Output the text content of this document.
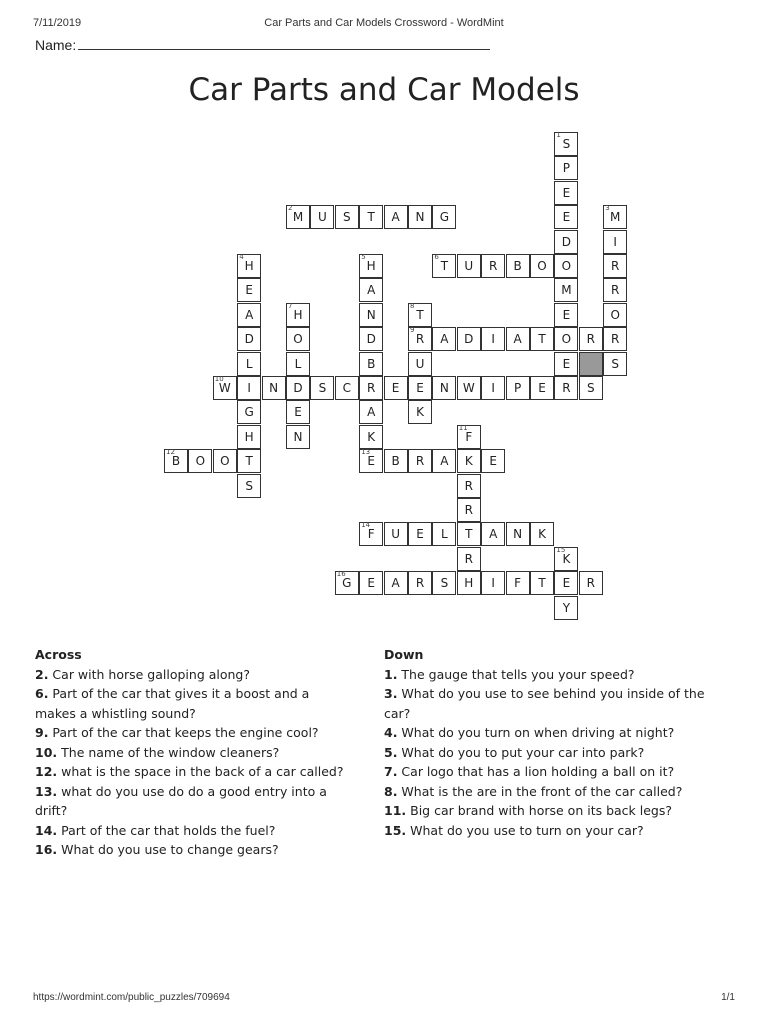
7/11/2019	Car Parts and Car Models Crossword - WordMint
Name:
Car Parts and Car Models
S
1
P
E
E
D
O
M
E
O
E
R
M
2
U S T A N G	M
3
I
R
R
O
R
S
H
4
E
A
D
L
I
G
H
T
S
H
5
A
N
D
B
R
A
K
E
13
T
6
U R B O
H
7
O
L
D
E
N
T
8
R
9
U
E
K
A D I A T	R
W
10
N	S C	E	N W I P E	S
F
11
K
R
R
T
R
H
B
12
O O	B R A	E
F
14
U E L	A N K
K
15
E
Y
G
16
E A R S	I F T	R
Across
2. Car with horse galloping along?
6. Part of the car that gives it a boost and a makes a whistling sound?
9. Part of the car that keeps the engine cool?
10. The name of the window cleaners?
12. what is the space in the back of a car called?
13. what do you use do do a good entry into a drift?
14. Part of the car that holds the fuel?
16. What do you use to change gears?
Down
1. The gauge that tells you your speed?
3. What do you use to see behind you inside of the car?
4. What do you turn on when driving at night?
5. What do you to put your car into park?
7. Car logo that has a lion holding a ball on it?
8. What is the are in the front of the car called?
11. Big car brand with horse on its back legs?
15. What do you use to turn on your car?
https://wordmint.com/public_puzzles/709694	1/1
